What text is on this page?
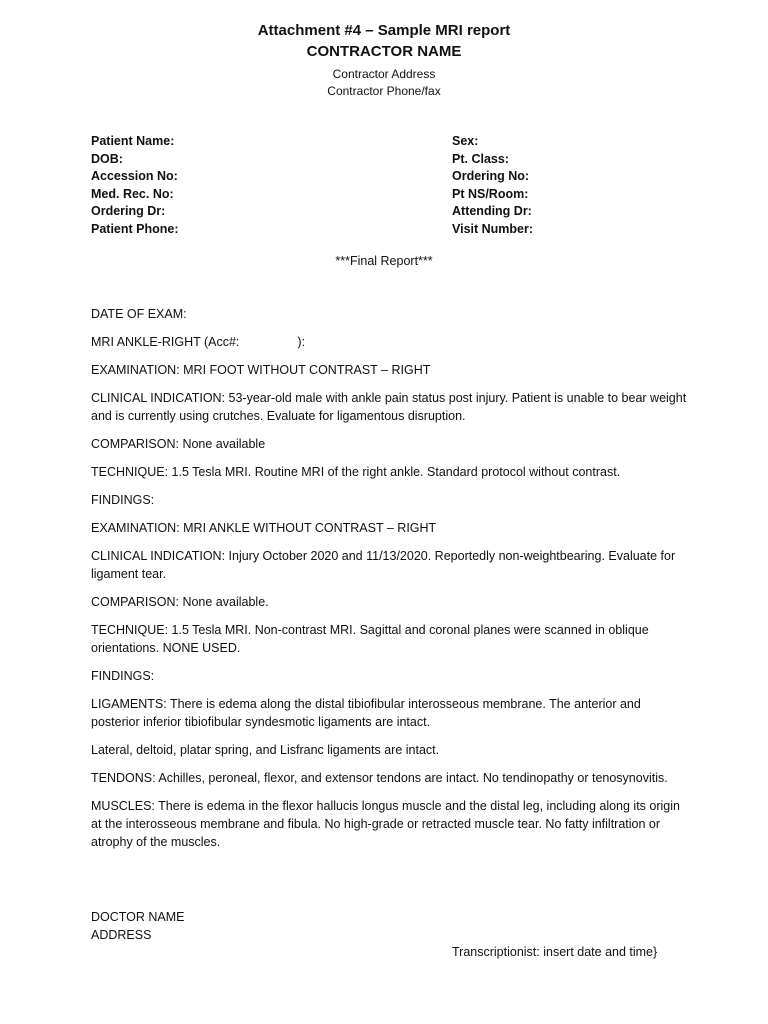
Attachment #4 – Sample MRI report
CONTRACTOR NAME
Contractor Address
Contractor Phone/fax
Patient Name:
DOB:
Accession No:
Med. Rec. No:
Ordering Dr:
Patient Phone:
Sex:
Pt. Class:
Ordering No:
Pt NS/Room:
Attending Dr:
Visit Number:
***Final Report***

DATE OF EXAM:

MRI ANKLE-RIGHT (Acc#:	):

EXAMINATION: MRI FOOT WITHOUT CONTRAST – RIGHT

CLINICAL INDICATION: 53-year-old male with ankle pain status post injury. Patient is unable to bear weight and is currently using crutches. Evaluate for ligamentous disruption.

COMPARISON: None available

TECHNIQUE: 1.5 Tesla MRI. Routine MRI of the right ankle. Standard protocol without contrast.

FINDINGS:

EXAMINATION: MRI ANKLE WITHOUT CONTRAST – RIGHT

CLINICAL INDICATION: Injury October 2020 and 11/13/2020. Reportedly non-weightbearing. Evaluate for ligament tear.

COMPARISON: None available.

TECHNIQUE: 1.5 Tesla MRI. Non-contrast MRI. Sagittal and coronal planes were scanned in oblique orientations. NONE USED.

FINDINGS:

LIGAMENTS: There is edema along the distal tibiofibular interosseous membrane. The anterior and posterior inferior tibiofibular syndesmotic ligaments are intact.

Lateral, deltoid, platar spring, and Lisfranc ligaments are intact.

TENDONS: Achilles, peroneal, flexor, and extensor tendons are intact. No tendinopathy or tenosynovitis.

MUSCLES: There is edema in the flexor hallucis longus muscle and the distal leg, including along its origin at the interosseous membrane and fibula. No high-grade or retracted muscle tear. No fatty infiltration or atrophy of the muscles.

DOCTOR NAME
ADDRESS
Transcriptionist: insert date and time}
